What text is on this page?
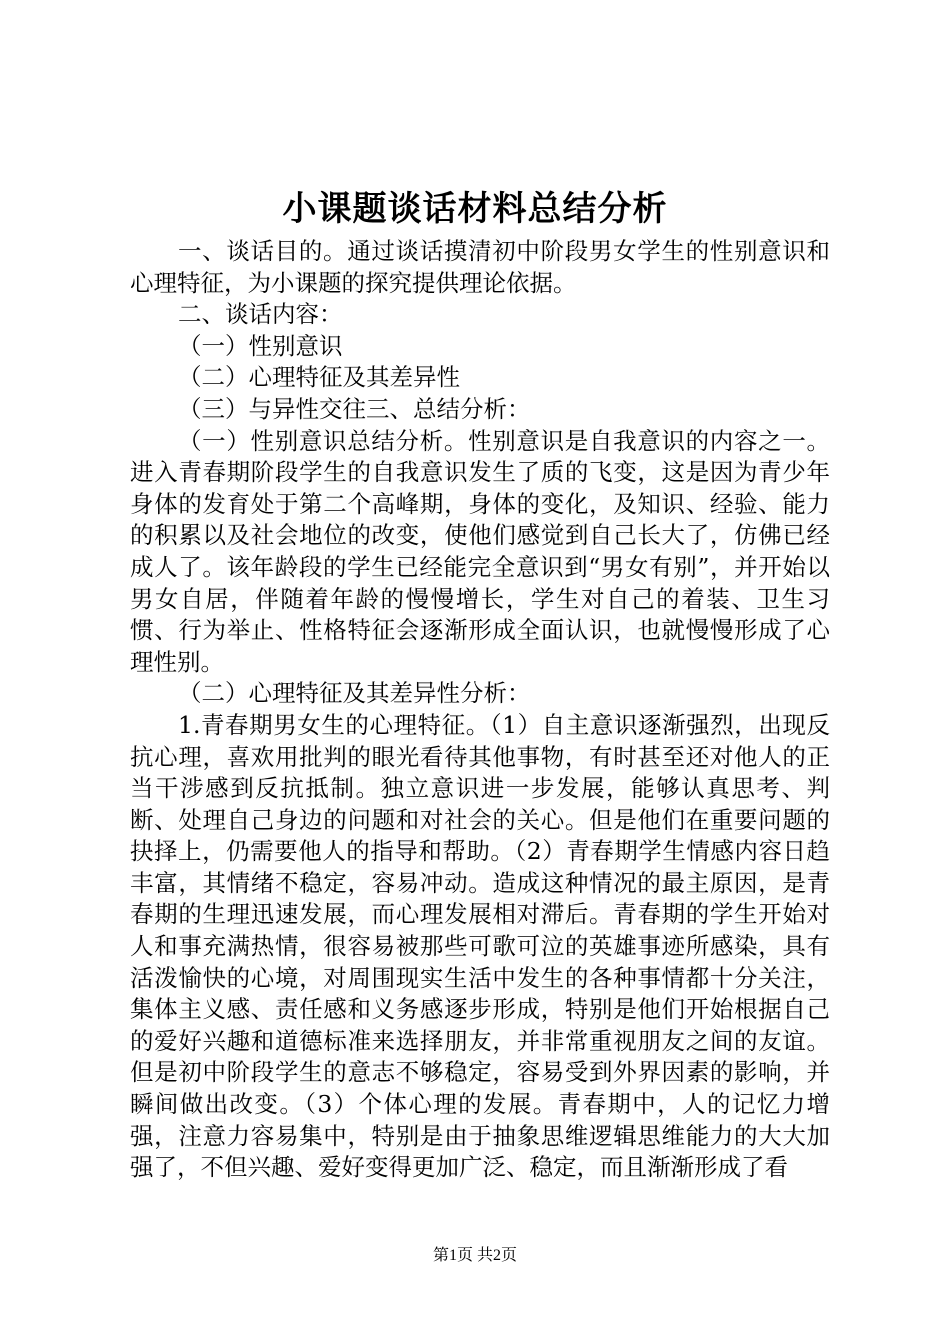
小课题谈话材料总结分析

一、谈话目的。通过谈话摸清初中阶段男女学生的性别意识和心理特征，为小课题的探究提供理论依据。

二、谈话内容：

（一）性别意识

（二）心理特征及其差异性

（三）与异性交往三、总结分析：

（一）性别意识总结分析。性别意识是自我意识的内容之一。进入青春期阶段学生的自我意识发生了质的飞变，这是因为青少年身体的发育处于第二个高峰期，身体的变化，及知识、经验、能力的积累以及社会地位的改变，使他们感觉到自己长大了，仿佛已经成人了。该年龄段的学生已经能完全意识到“男女有别”，并开始以男女自居，伴随着年龄的慢慢增长，学生对自己的着装、卫生习惯、行为举止、性格特征会逐渐形成全面认识，也就慢慢形成了心理性别。

（二）心理特征及其差异性分析：

1.青春期男女生的心理特征。（1）自主意识逐渐强烈，出现反抗心理，喜欢用批判的眼光看待其他事物，有时甚至还对他人的正当干涉感到反抗抵制。独立意识进一步发展，能够认真思考、判断、处理自己身边的问题和对社会的关心。但是他们在重要问题的抉择上，仍需要他人的指导和帮助。（2）青春期学生情感内容日趋丰富，其情绪不稳定，容易冲动。造成这种情况的最主原因，是青春期的生理迅速发展，而心理发展相对滞后。青春期的学生开始对人和事充满热情，很容易被那些可歌可泣的英雄事迹所感染，具有活泼愉快的心境，对周围现实生活中发生的各种事情都十分关注，集体主义感、责任感和义务感逐步形成，特别是他们开始根据自己的爱好兴趣和道德标准来选择朋友，并非常重视朋友之间的友谊。但是初中阶段学生的意志不够稳定，容易受到外界因素的影响，并瞬间做出改变。（3）个体心理的发展。青春期中，人的记忆力增强，注意力容易集中，特别是由于抽象思维逻辑思维能力的大大加强了，不但兴趣、爱好变得更加广泛、稳定，而且渐渐形成了看

第1页 共2页
